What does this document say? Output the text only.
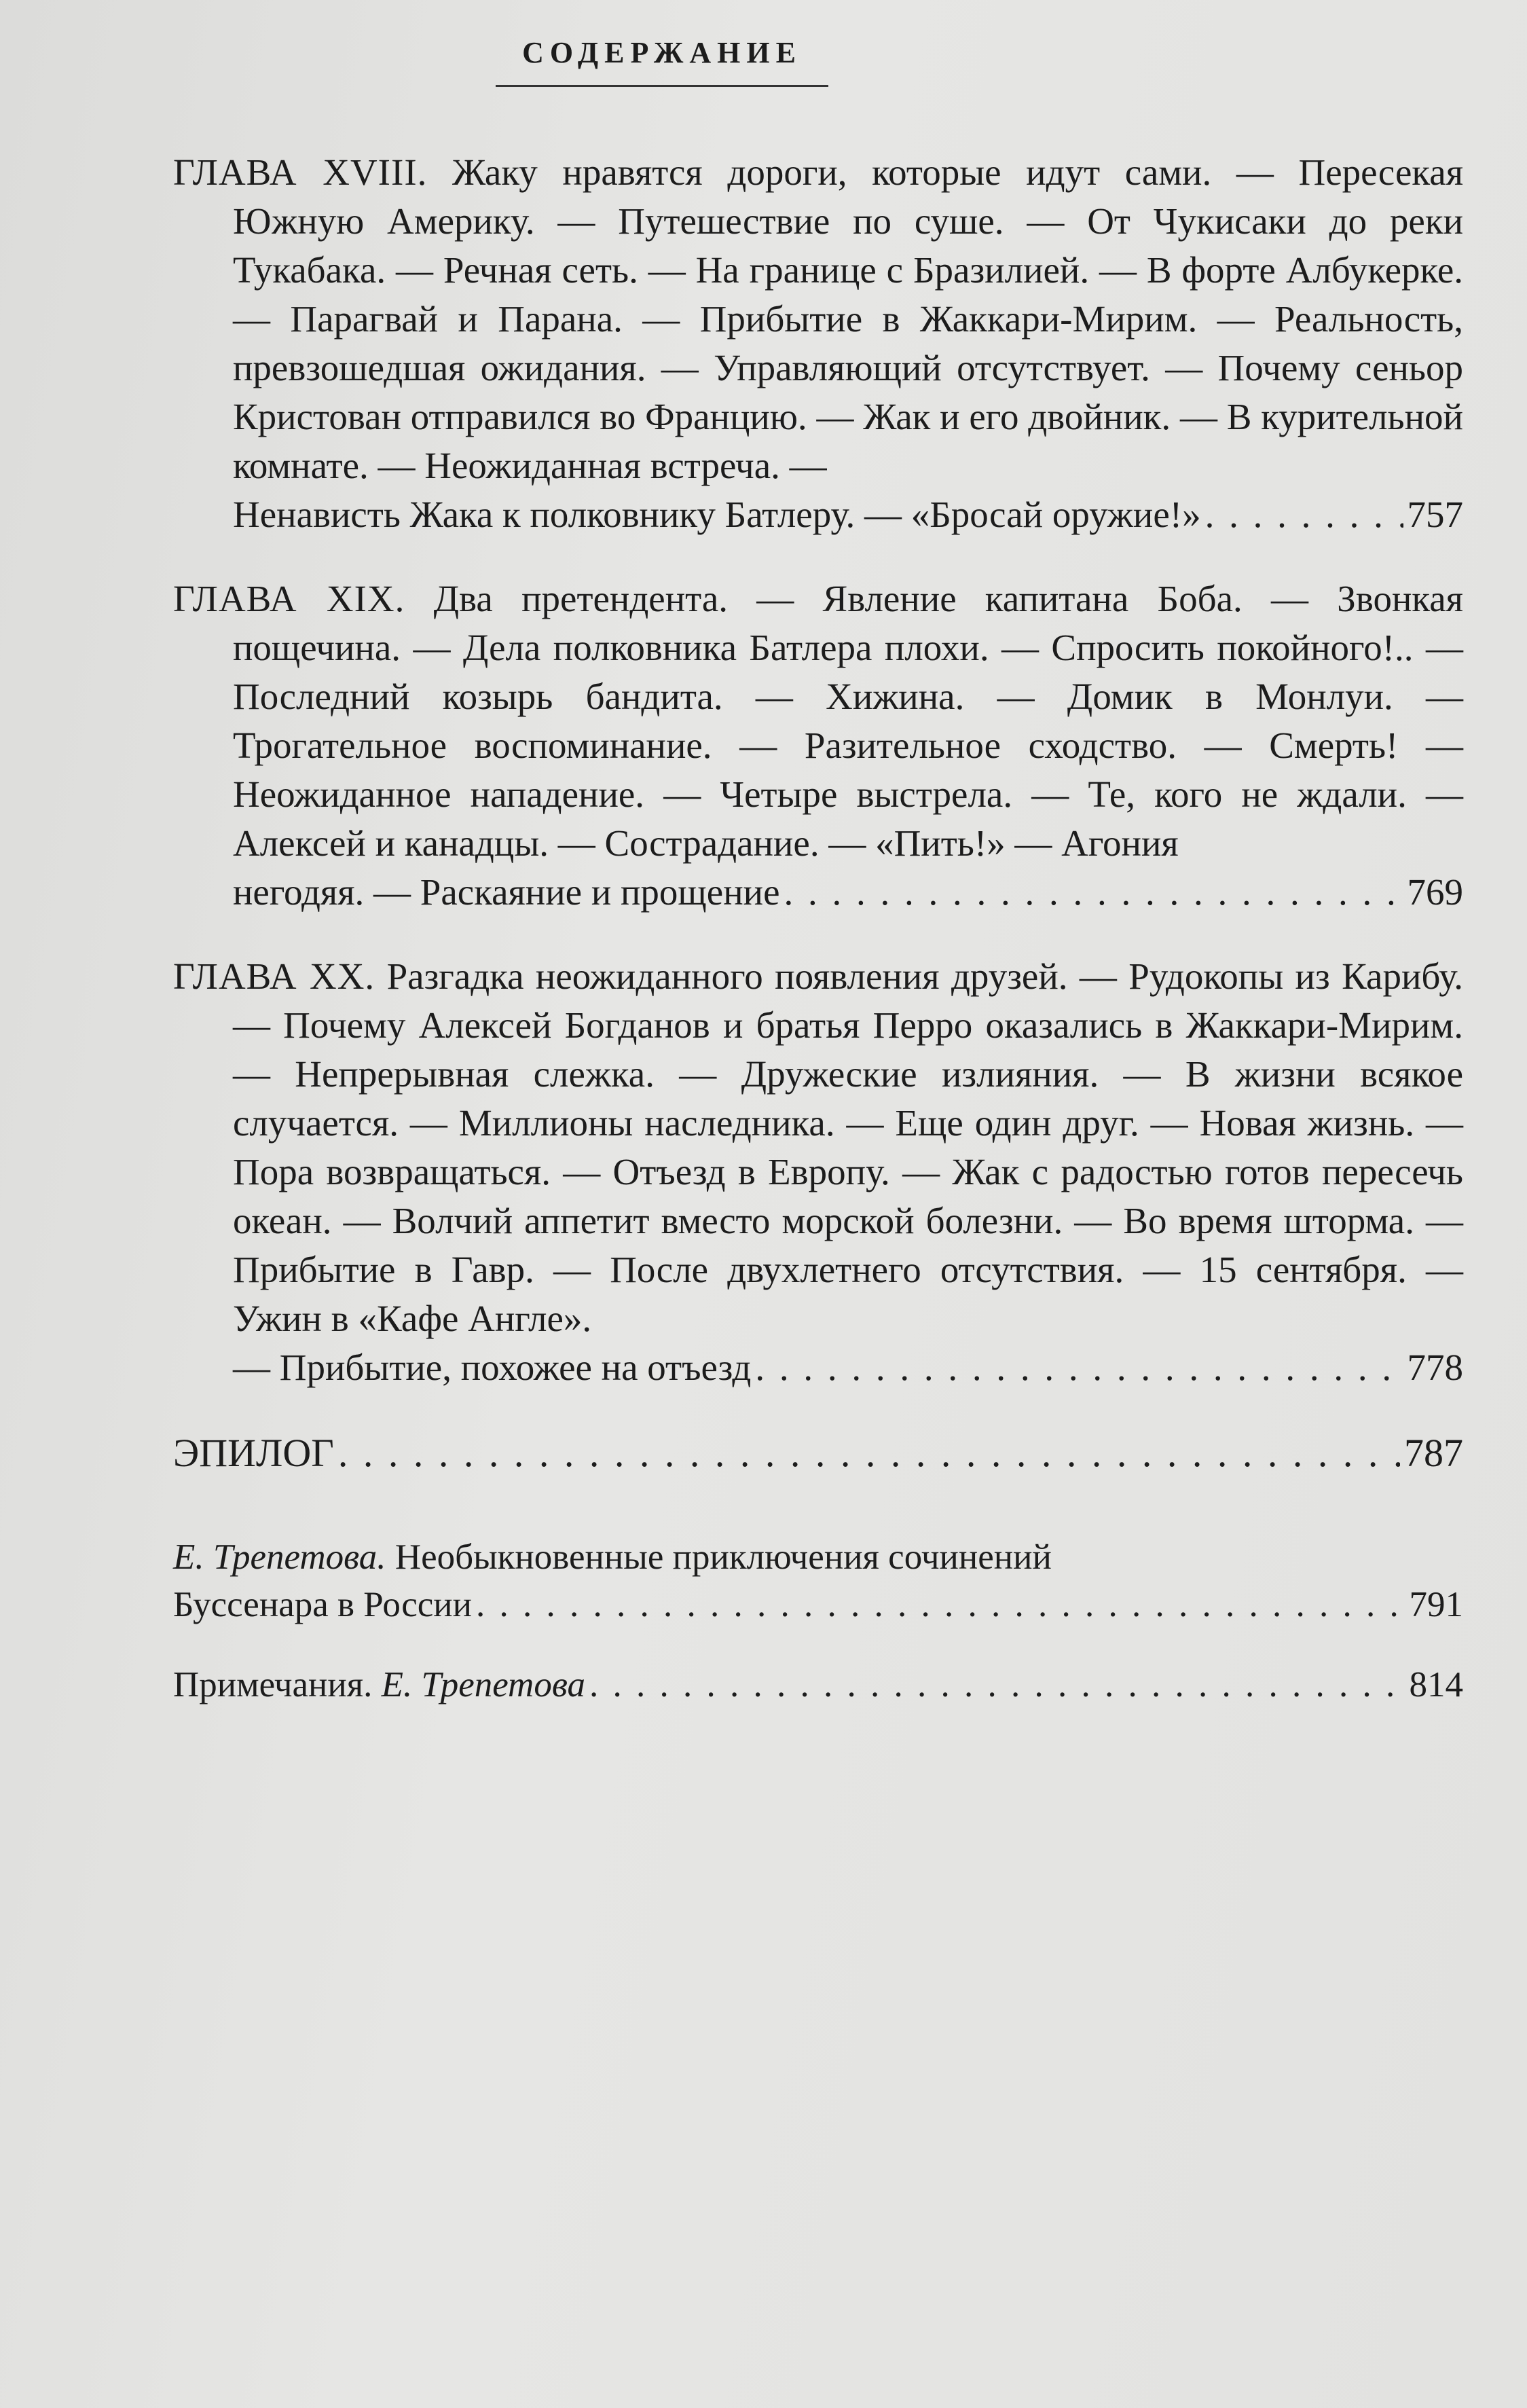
СОДЕРЖАНИЕ
ГЛАВА XVIII. Жаку нравятся дороги, которые идут сами. — Пересекая Южную Америку. — Путешествие по суше. — От Чукисаки до реки Тукабака. — Речная сеть. — На границе с Бразилией. — В форте Албукерке. — Парагвай и Парана. — Прибытие в Жаккари-Мирим. — Реальность, превзошедшая ожидания. — Управляющий отсутствует. — Почему сеньор Кристован отправился во Францию. — Жак и его двойник. — В курительной комнате. — Неожиданная встреча. —
Ненависть Жака к полковнику Батлеру. — «Бросай оружие!» . . .	757
ГЛАВА XIX. Два претендента. — Явление капитана Боба. — Звонкая пощечина. — Дела полковника Батлера плохи. — Спросить покойного!.. — Последний козырь бандита. — Хижина. — Домик в Монлуи. — Трогательное воспоминание. — Разительное сходство. — Смерть! — Неожиданное нападение. — Четыре выстрела. — Те, кого не ждали. — Алексей и канадцы. — Сострадание. — «Пить!» — Агония
негодяя. — Раскаяние и прощение . . .	769
ГЛАВА XX. Разгадка неожиданного появления друзей. — Рудокопы из Карибу. — Почему Алексей Богданов и братья Перро оказались в Жаккари-Мирим. — Непрерывная слежка. — Дружеские излияния. — В жизни всякое случается. — Миллионы наследника. — Еще один друг. — Новая жизнь. — Пора возвращаться. — Отъезд в Европу. — Жак с радостью готов пересечь океан. — Волчий аппетит вместо морской болезни. — Во время шторма. — Прибытие в Гавр. — После двухлетнего отсутствия. — 15 сентября. — Ужин в «Кафе Англе».
— Прибытие, похожее на отъезд . . .	778
ЭПИЛОГ . . .	787
Е. Трепетова. Необыкновенные приключения сочинений
Буссенара в России . . .	791
Примечания. Е. Трепетова . . .	814
